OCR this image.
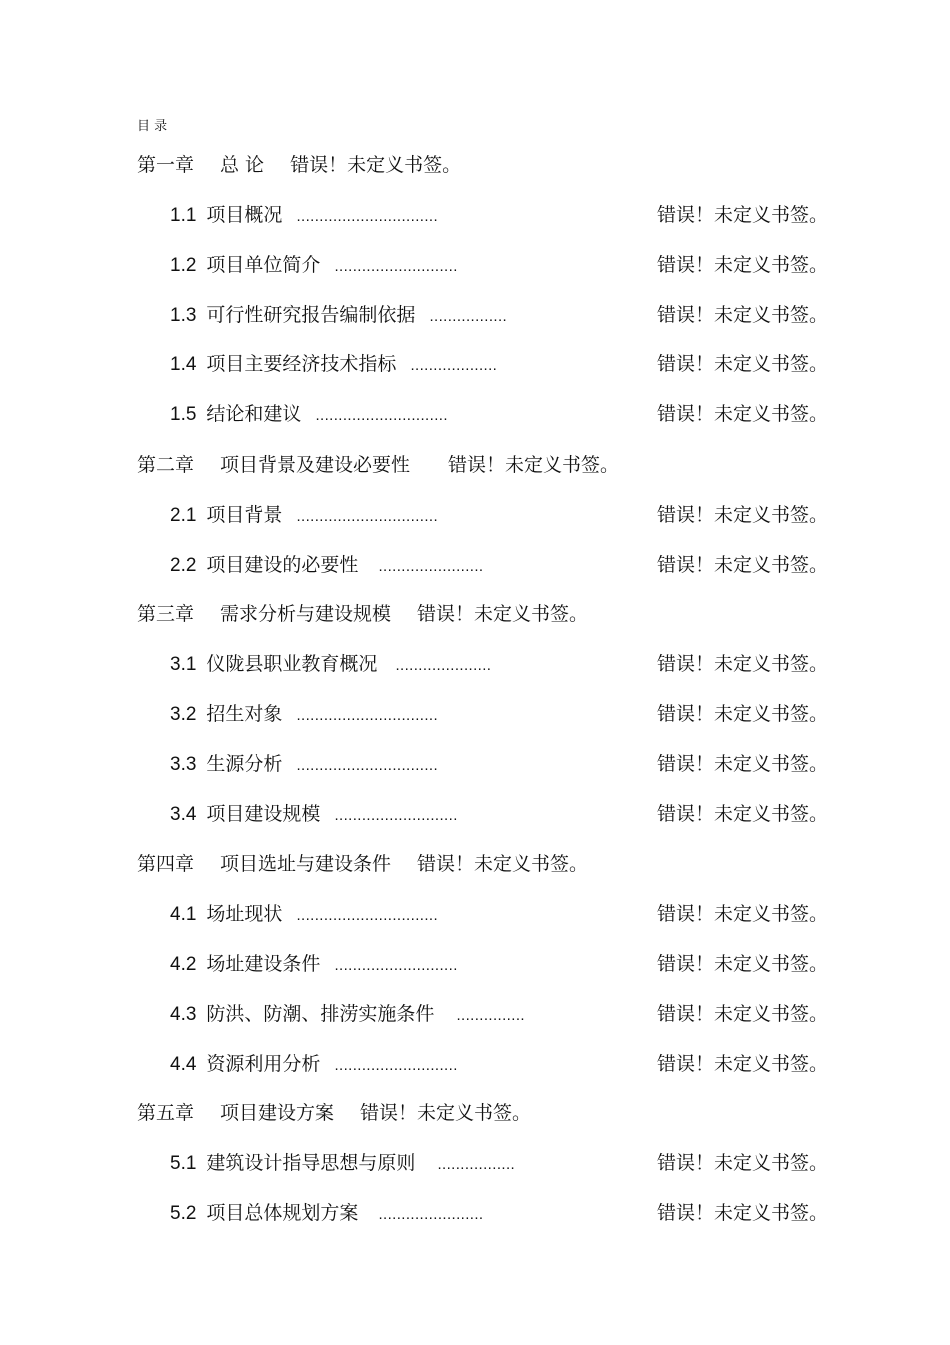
目 录
第一章 总 论 错误！未定义书签。
1.1 项目概况 ...............................	错误！未定义书签。
1.2 项目单位简介 ...........................	错误！未定义书签。
1.3 可行性研究报告编制依据 .................	错误！未定义书签。
1.4 项目主要经济技术指标 ...................	错误！未定义书签。
1.5 结论和建议 .............................	错误！未定义书签。
第二章 项目背景及建设必要性 错误！未定义书签。
2.1 项目背景 ...............................	错误！未定义书签。
2.2 项目建设的必要性 .......................	错误！未定义书签。
第三章 需求分析与建设规模 错误！未定义书签。
3.1 仪陇县职业教育概况 .....................	错误！未定义书签。
3.2 招生对象 ...............................	错误！未定义书签。
3.3 生源分析 ...............................	错误！未定义书签。
3.4 项目建设规模 ...........................	错误！未定义书签。
第四章 项目选址与建设条件 错误！未定义书签。
4.1 场址现状 ...............................	错误！未定义书签。
4.2 场址建设条件 ...........................	错误！未定义书签。
4.3 防洪、防潮、排涝实施条件 ...............	错误！未定义书签。
4.4 资源利用分析 ...........................	错误！未定义书签。
第五章 项目建设方案 错误！未定义书签。
5.1 建筑设计指导思想与原则 .................	错误！未定义书签。
5.2 项目总体规划方案 .......................	错误！未定义书签。
